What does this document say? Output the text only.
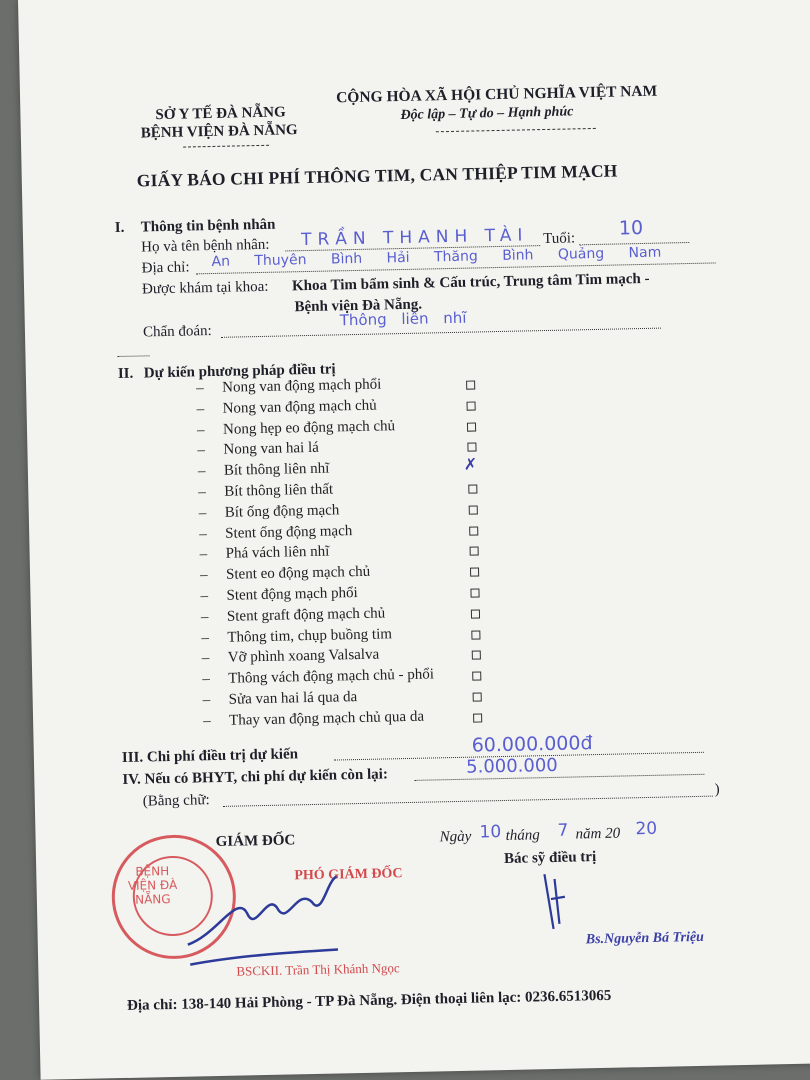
SỞ Y TẾ ĐÀ NẴNG
BỆNH VIỆN ĐÀ NẴNG
CỘNG HÒA XÃ HỘI CHỦ NGHĨA VIỆT NAM
Độc lập – Tự do – Hạnh phúc
GIẤY BÁO CHI PHÍ THÔNG TIM, CAN THIỆP TIM MẠCH
I. Thông tin bệnh nhân
Họ và tên bệnh nhân: TRẦN THANH TÀI Tuổi: 10
Địa chỉ: An Thuyên Bình Hải Thăng Bình Quảng Nam
Được khám tại khoa: Khoa Tim bẩm sinh & Cấu trúc, Trung tâm Tim mạch -
Bệnh viện Đà Nẵng.
Chẩn đoán:
Thông liên nhĩ
II. Dự kiến phương pháp điều trị
– Nong van động mạch phổi
– Nong van động mạch chủ
– Nong hẹp eo động mạch chủ
– Nong van hai lá
– Bít thông liên nhĩ	✗
– Bít thông liên thất
– Bít ống động mạch
– Stent ống động mạch
– Phá vách liên nhĩ
– Stent eo động mạch chủ
– Stent động mạch phổi
– Stent graft động mạch chủ
– Thông tim, chụp buồng tim
– Vỡ phình xoang Valsalva
– Thông vách động mạch chủ - phổi
– Sửa van hai lá qua da
– Thay van động mạch chủ qua da
III. Chi phí điều trị dự kiến	60.000.000đ
IV. Nếu có BHYT, chi phí dự kiến còn lại:	5.000.000
(Bằng chữ:
)
GIÁM ĐỐC
PHÓ GIÁM ĐỐC
BỆNH VIỆN ĐÀ NẴNG
BSCKII. Trần Thị Khánh Ngọc
Ngày 10 tháng 7 năm 20 20
Bác sỹ điều trị
Bs.Nguyễn Bá Triệu
Địa chỉ: 138-140 Hải Phòng - TP Đà Nẵng. Điện thoại liên lạc: 0236.6513065
